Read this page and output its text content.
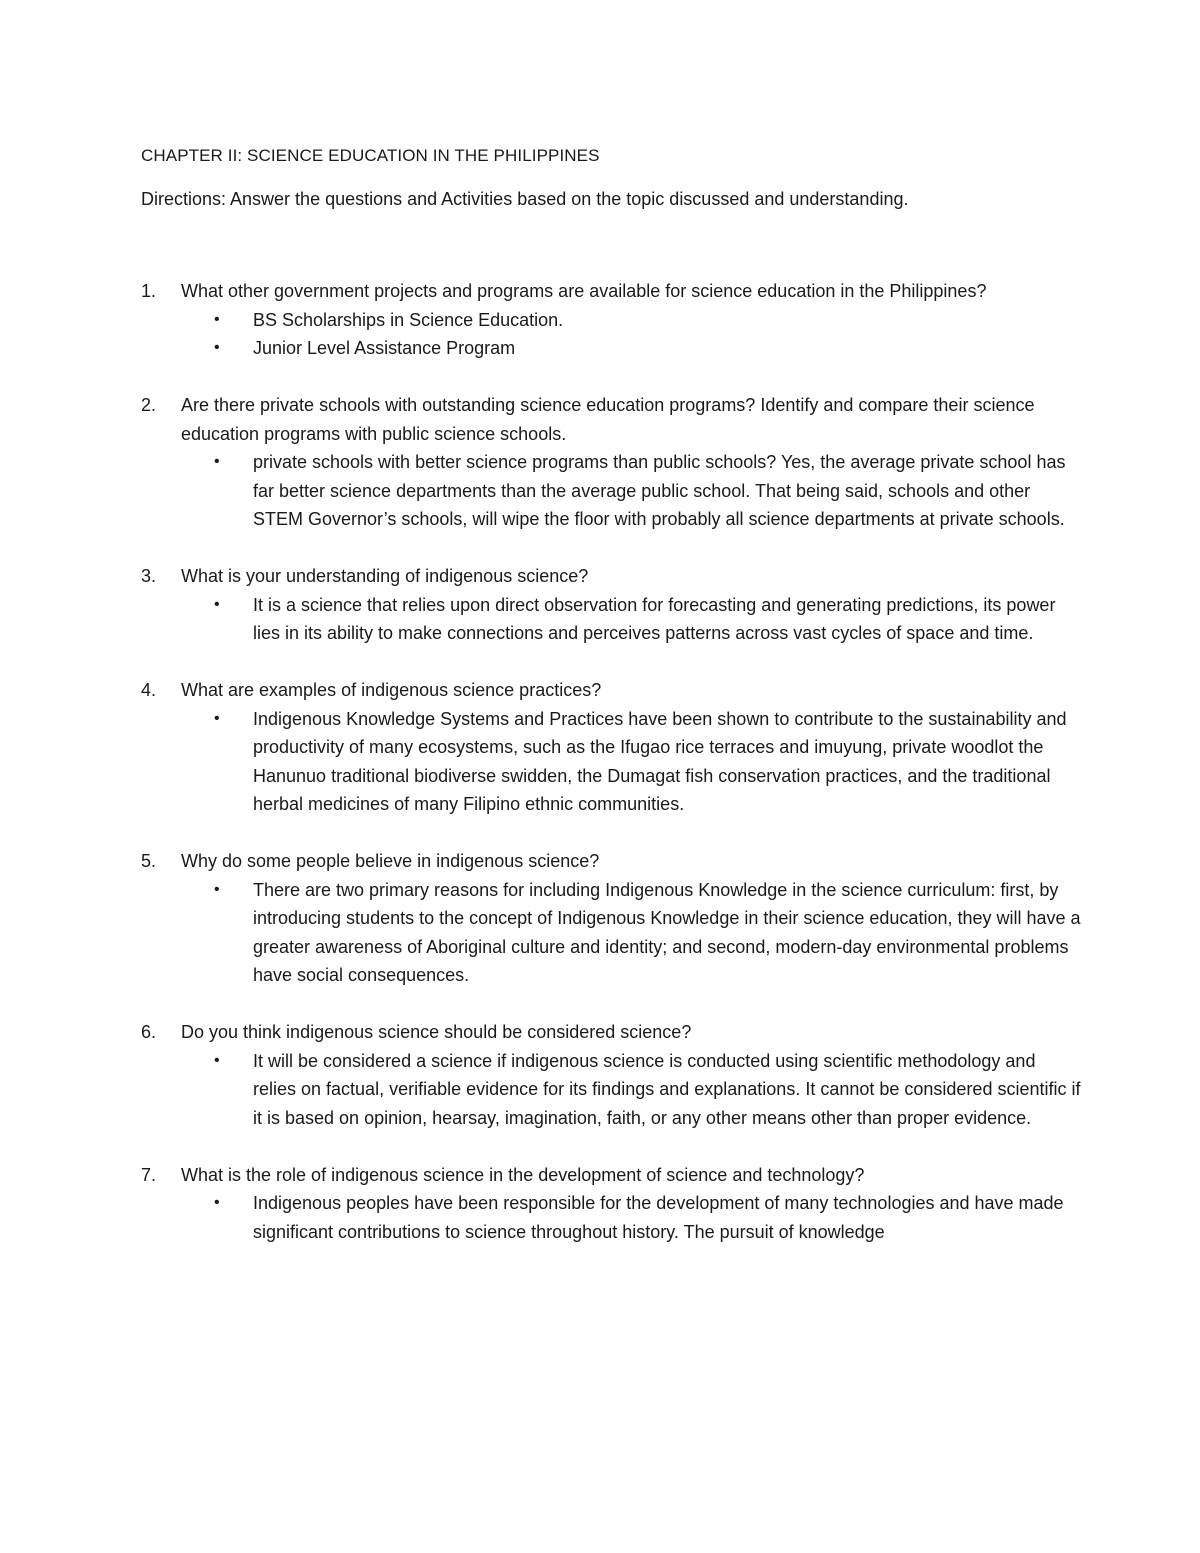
CHAPTER II: SCIENCE EDUCATION IN THE PHILIPPINES
Directions: Answer the questions and Activities based on the topic discussed and understanding.
1.	What other government projects and programs are available for science education in the Philippines?
• BS Scholarships in Science Education.
• Junior Level Assistance Program
2.	Are there private schools with outstanding science education programs? Identify and compare their science education programs with public science schools.
• private schools with better science programs than public schools? Yes, the average private school has far better science departments than the average public school. That being said, schools and other STEM Governor’s schools, will wipe the floor with probably all science departments at private schools.
3.	What is your understanding of indigenous science?
• It is a science that relies upon direct observation for forecasting and generating predictions, its power lies in its ability to make connections and perceives patterns across vast cycles of space and time.
4.	What are examples of indigenous science practices?
• Indigenous Knowledge Systems and Practices have been shown to contribute to the sustainability and productivity of many ecosystems, such as the Ifugao rice terraces and imuyung, private woodlot the Hanunuo traditional biodiverse swidden, the Dumagat fish conservation practices, and the traditional herbal medicines of many Filipino ethnic communities.
5.	Why do some people believe in indigenous science?
• There are two primary reasons for including Indigenous Knowledge in the science curriculum: first, by introducing students to the concept of Indigenous Knowledge in their science education, they will have a greater awareness of Aboriginal culture and identity; and second, modern-day environmental problems have social consequences.
6.	Do you think indigenous science should be considered science?
• It will be considered a science if indigenous science is conducted using scientific methodology and relies on factual, verifiable evidence for its findings and explanations. It cannot be considered scientific if it is based on opinion, hearsay, imagination, faith, or any other means other than proper evidence.
7.	What is the role of indigenous science in the development of science and technology?
• Indigenous peoples have been responsible for the development of many technologies and have made significant contributions to science throughout history. The pursuit of knowledge
